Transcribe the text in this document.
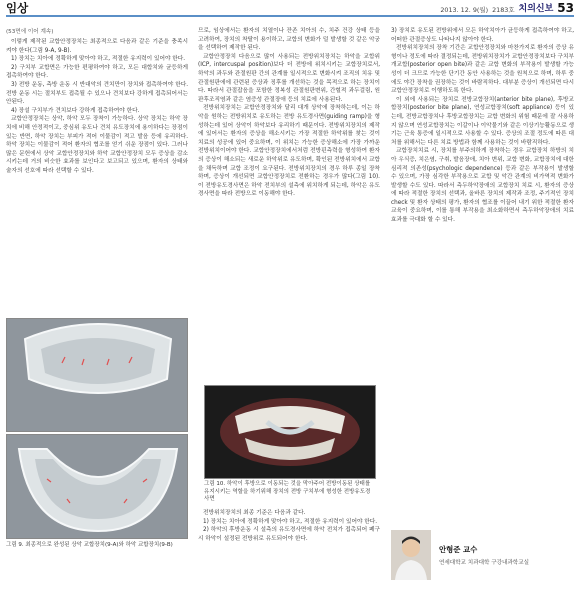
임상	2013. 12. 9(월) 2183호 치의신보 53
(53면에 이어 계속)

이렇게 제작된 교합안정장치는 최종적으로 다음과 같은 기준을 충족시켜야 한다(그림 9-A, 9-B).

1) 장치는 치아에 정확하게 맞아야 하고, 적절한 유지력이 있어야 한다.

2) 구치부 교합면은 가능한 편평하여야 하고, 모든 대합치와 균등하게 접촉하여야 한다.

3) 전방 운동, 측방 운동 시 반대악의 견치만이 장치와 접촉하여야 한다. 전방 운동 시는 절치부도 접촉될 수 있으나 견치보다 강하게 접촉되어서는 안된다.

4) 장설 구치부가 견치보다 강하게 접촉하여야 한다.

교합안정장치는 상악, 하악 모두 장착이 가능하다. 상악 장치는 하악 장치에 비해 안정적이고, 중심위 유도나 견치 유도장치에 용이하다는 장점이 있는 반면, 하악 장치는 부피가 적어 이물감이 적고 발음 등에 유리하다. 하악 장치는 이물감이 적어 환자의 협조를 얻기 쉬운 장점이 있다. 그러나 많은 문헌에서 상악 교합안정장치와 하악 교합안정장치 모두 증상을 감소시키는데 거의 비슷한 효과를 보인다고 보고되고 있으며, 환자의 상태와 술자의 선호에 따라 선택할 수 있다.

그림 9. 최종적으로 완성된 상악 교합장치(9-A)와 하악 교합장치(9-B)

므로, 임상에서는 환자의 치열이나 잔존 치아의 수, 치주 건강 상태 등을 고려하여, 장치의 착탈이 용이하고, 교합의 변화가 덜 발생할 것 같은 악궁을 선택하여 제작한 된다.

교합안정장치 다음으로 많이 사용되는 전방위치장치는 하악을 교합위(ICP, intercuspal position)보다 더 전방에 위치시키는 교합장치로서, 하악의 과두와 관절원판 간의 관계를 일시적으로 변화시켜 조직의 치유 및 관절원판에에 관련된 증상과 징후를 개선하는 것을 목적으로 하는 장치이다. 따라서 관절잡음을 포함한 정복성 관절원판변위, 간헐적 과두걸림, 원판후조직염과 같은 염증성 관절장애 등의 치료에 사용된다.

전방위치장치는 교합안정장치와 달리 대개 상악에 장착하는데, 이는 하악을 원하는 전방위치로 유도하는 전방 유도경사면(guiding ramp)을 형성하는데 있어 상악이 하악보다 유리하기 때문이다. 전방위치장치의 제작에 있어서는 환자의 증상을 해소시키는 가장 적절한 하악위를 찾는 것이 치료의 성공에 있어 중요하며, 이 위치는 가능한 증상해소에 가장 가까운 전방위치이어야 한다. 교합안정장치에서처럼 전방핀측력을 형성하여 환자의 증상이 해소되는 새로운 하악위로 유도하며, 확인된 전방위치에서 교합을 채득하며 교합 조정이 요구된다. 전방위치장치의 경우 하루 종일 장착하며, 증상이 개선되면 교합안정장치로 전환하는 경우가 많다(그림 10). 이 전방유도경사면은 하악 전치부의 설측에 위치하게 되는데, 하악은 유도경사면을 따라 전방으로 이동해야 한다.

그림 10. 하악이 후방으로 이동되는 것을 막아주어 전방이동된 상태를 유지시키는 역할을 하기위해 장치의 전방 구치부에 형성한 전방유도경사면

전방위치장치의 최종 기준은 다음과 같다.

1) 장치는 치아에 정확하게 맞아야 하고, 적절한 유지력이 있어야 한다.

2) 하악의 후방운동 시 설측의 유도경사면에 하악 전치가 접촉되어 폐구 시 하악이 설정된 전방위로 유도되어야 한다.

3) 장치로 유도된 전방위에서 모든 하악치아가 균등하게 접촉하여야 하고, 어떠한 관절증상도 나타나지 않아야 한다.

전방위치장치의 장착 기간은 교합안정장치와 마찬가지로 환자의 증상 유형이나 정도에 따라 결정되는데, 전방위치장치가 교합안정장치보다 구치부 개교합(posterior open bite)과 같은 교합 변화의 부작용이 발생할 가능성이 더 크므로 가능한 단기간 동안 사용하는 것을 원칙으로 하며, 하루 중에도 야간 장착을 권장하는 것이 바람직하다. 대부분 증상이 개선되면 다시 교합안정장치로 이행하도록 한다.

이 외에 사용되는 장치로 전방교합장치(anterior bite plane), 후방교합장치(posterior bite plane), 연성교합장치(soft appliance) 등이 있는데, 전방교합장치나 후방교합장치는 교합 변화의 위험 때문에 잘 사용하지 않으며 연성교합장치는 이갈이나 이악물기와 같은 이상기능활동으로 생기는 근육 통증에 일시적으로 사용할 수 있다. 증상의 조절 정도에 따른 대처를 위해서는 다른 치료 방법과 함께 사용하는 것이 바람직하다.

교합장치치료 시, 장치를 부주의하게 장착하는 경우 교합장치 하방의 치아 우식증, 치은염, 구취, 발음장애, 치아 변위, 교합 변화, 교합장치에 대한 심리적 의존성(psychologic dependence) 등과 같은 부작용이 발생할 수 있으며, 가장 심각한 부작용으로 교합 및 악간 관계의 비가역적 변화가 발생할 수도 있다. 따라서 측두하악장애의 교합장치 치료 시, 환자의 증상에 따라 적절한 장치의 선택과, 올바른 장치의 제작과 조정, 주기적인 장치 check 및 환자 상태의 평가, 환자의 협조를 이끌어 내기 위한 적절한 환자 교육이 중요하며, 이를 통해 부작용을 최소화하면서 측두하악장애의 치료효과를 극대화 할 수 있다.

안형준 교수
연세대학교 치과대학 구강내과학교실
